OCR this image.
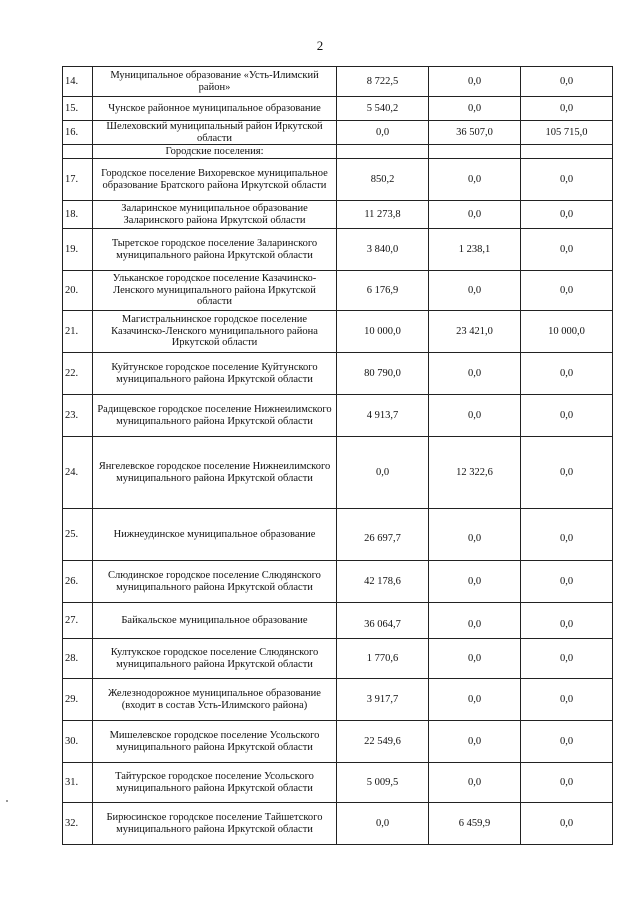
2
14.	Муниципальное образование «Усть-Илимский район»	8 722,5	0,0	0,0
15.	Чунское районное муниципальное образование	5 540,2	0,0	0,0
16.	Шелеховский муниципальный район Иркутской области	0,0	36 507,0	105 715,0
	Городские поселения:			
17.	Городское поселение Вихоревское муниципальное образование Братского района Иркутской области	850,2	0,0	0,0
18.	Заларинское муниципальное образование Заларинского района Иркутской области	11 273,8	0,0	0,0
19.	Тыретское городское поселение Заларинского муниципального района Иркутской области	3 840,0	1 238,1	0,0
20.	Ульканское городское поселение Казачинско-Ленского муниципального района Иркутской области	6 176,9	0,0	0,0
21.	Магистральнинское городское поселение Казачинско-Ленского муниципального района Иркутской области	10 000,0	23 421,0	10 000,0
22.	Куйтунское городское поселение Куйтунского муниципального района Иркутской области	80 790,0	0,0	0,0
23.	Радищевское городское поселение Нижнеилимского муниципального района Иркутской области	4 913,7	0,0	0,0
24.	Янгелевское городское поселение Нижнеилимского муниципального района Иркутской области	0,0	12 322,6	0,0
25.	Нижнеудинское муниципальное образование	26 697,7	0,0	0,0
26.	Слюдинское городское поселение Слюдянского муниципального района Иркутской области	42 178,6	0,0	0,0
27.	Байкальское муниципальное образование	36 064,7	0,0	0,0
28.	Култукское городское поселение Слюдянского муниципального района Иркутской области	1 770,6	0,0	0,0
29.	Железнодорожное муниципальное образование (входит в состав Усть-Илимского района)	3 917,7	0,0	0,0
30.	Мишелевское городское поселение Усольского муниципального района Иркутской области	22 549,6	0,0	0,0
31.	Тайтурское городское поселение Усольского муниципального района Иркутской области	5 009,5	0,0	0,0
32.	Бирюсинское городское поселение Тайшетского муниципального района Иркутской области	0,0	6 459,9	0,0
